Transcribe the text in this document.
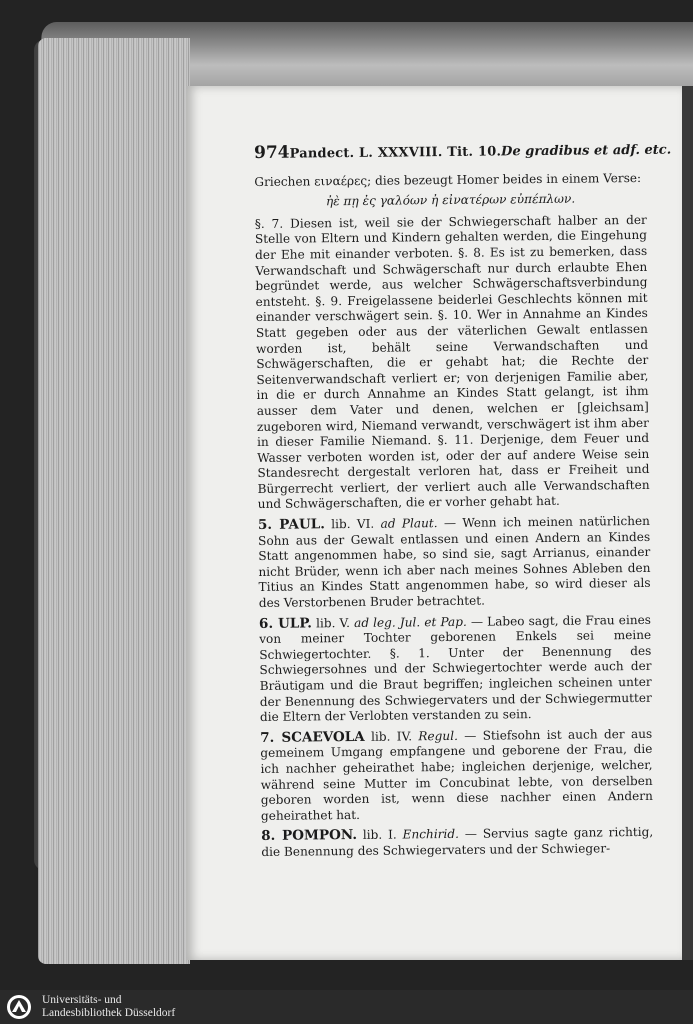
974 Pandect. L. XXXVIII. Tit. 10. De gradibus et adf. etc.

Griechen ειναέρες; dies bezeugt Homer beides in einem Verse:

ἠὲ πῃ ἐς γαλόων ἠ εἰνατέρων εὐπέπλων.

§. 7. Diesen ist, weil sie der Schwiegerschaft halber an der Stelle von Eltern und Kindern gehalten werden, die Eingehung der Ehe mit einander verboten. §. 8. Es ist zu bemerken, dass Verwandschaft und Schwägerschaft nur durch erlaubte Ehen begründet werde, aus welcher Schwägerschaftsverbindung entsteht. §. 9. Freigelassene beiderlei Geschlechts können mit einander verschwägert sein. §. 10. Wer in Annahme an Kindes Statt gegeben oder aus der väterlichen Gewalt entlassen worden ist, behält seine Verwandschaften und Schwägerschaften, die er gehabt hat; die Rechte der Seitenverwandschaft verliert er; von derjenigen Familie aber, in die er durch Annahme an Kindes Statt gelangt, ist ihm ausser dem Vater und denen, welchen er [gleichsam] zugeboren wird, Niemand verwandt, verschwägert ist ihm aber in dieser Familie Niemand. §. 11. Derjenige, dem Feuer und Wasser verboten worden ist, oder der auf andere Weise sein Standesrecht dergestalt verloren hat, dass er Freiheit und Bürgerrecht verliert, der verliert auch alle Verwandschaften und Schwägerschaften, die er vorher gehabt hat.

5. PAUL. lib. VI. ad Plaut. — Wenn ich meinen natürlichen Sohn aus der Gewalt entlassen und einen Andern an Kindes Statt angenommen habe, so sind sie, sagt Arrianus, einander nicht Brüder, wenn ich aber nach meines Sohnes Ableben den Titius an Kindes Statt angenommen habe, so wird dieser als des Verstorbenen Bruder betrachtet.

6. ULP. lib. V. ad leg. Jul. et Pap. — Labeo sagt, die Frau eines von meiner Tochter geborenen Enkels sei meine Schwiegertochter. §. 1. Unter der Benennung des Schwiegersohnes und der Schwiegertochter werde auch der Bräutigam und die Braut begriffen; ingleichen scheinen unter der Benennung des Schwiegervaters und der Schwiegermutter die Eltern der Verlobten verstanden zu sein.

7. SCAEVOLA lib. IV. Regul. — Stiefsohn ist auch der aus gemeinem Umgang empfangene und geborene der Frau, die ich nachher geheirathet habe; ingleichen derjenige, welcher, während seine Mutter im Concubinat lebte, von derselben geboren worden ist, wenn diese nachher einen Andern geheirathet hat.

8. POMPON. lib. I. Enchirid. — Servius sagte ganz richtig, die Benennung des Schwiegervaters und der Schwieger-

Universitäts- und
Landesbibliothek Düsseldorf
